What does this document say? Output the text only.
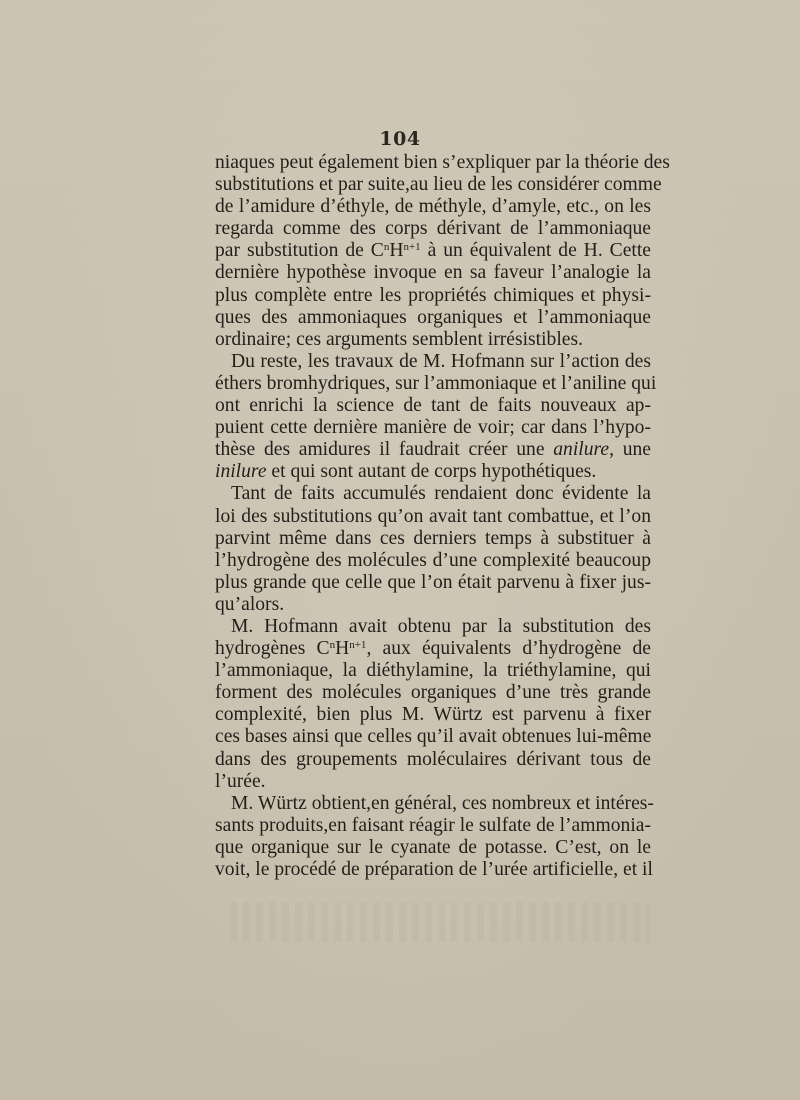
104
niaques peut également bien s’expliquer par la théorie des
substitutions et par suite,au lieu de les considérer comme
de l’amidure d’éthyle, de méthyle, d’amyle, etc., on les
regarda comme des corps dérivant de l’ammoniaque
par substitution de $C^nH^{n+1}$ à un équivalent de H. Cette
dernière hypothèse invoque en sa faveur l’analogie la
plus complète entre les propriétés chimiques et physi-
ques des ammoniaques organiques et l’ammoniaque
ordinaire; ces arguments semblent irrésistibles.
Du reste, les travaux de M. Hofmann sur l’action des
éthers bromhydriques, sur l’ammoniaque et l’aniline qui
ont enrichi la science de tant de faits nouveaux ap-
puient cette dernière manière de voir; car dans l’hypo-
thèse des amidures il faudrait créer une anilure, une
inilure et qui sont autant de corps hypothétiques.
Tant de faits accumulés rendaient donc évidente la
loi des substitutions qu’on avait tant combattue, et l’on
parvint même dans ces derniers temps à substituer à
l’hydrogène des molécules d’une complexité beaucoup
plus grande que celle que l’on était parvenu à fixer jus-
qu’alors.
M. Hofmann avait obtenu par la substitution des
hydrogènes $C^nH^{n+1}$, aux équivalents d’hydrogène de
l’ammoniaque, la diéthylamine, la triéthylamine, qui
forment des molécules organiques d’une très grande
complexité, bien plus M. Würtz est parvenu à fixer
ces bases ainsi que celles qu’il avait obtenues lui-même
dans des groupements moléculaires dérivant tous de
l’urée.
M. Würtz obtient,en général, ces nombreux et intéres-
sants produits,en faisant réagir le sulfate de l’ammonia-
que organique sur le cyanate de potasse. C’est, on le
voit, le procédé de préparation de l’urée artificielle, et il
